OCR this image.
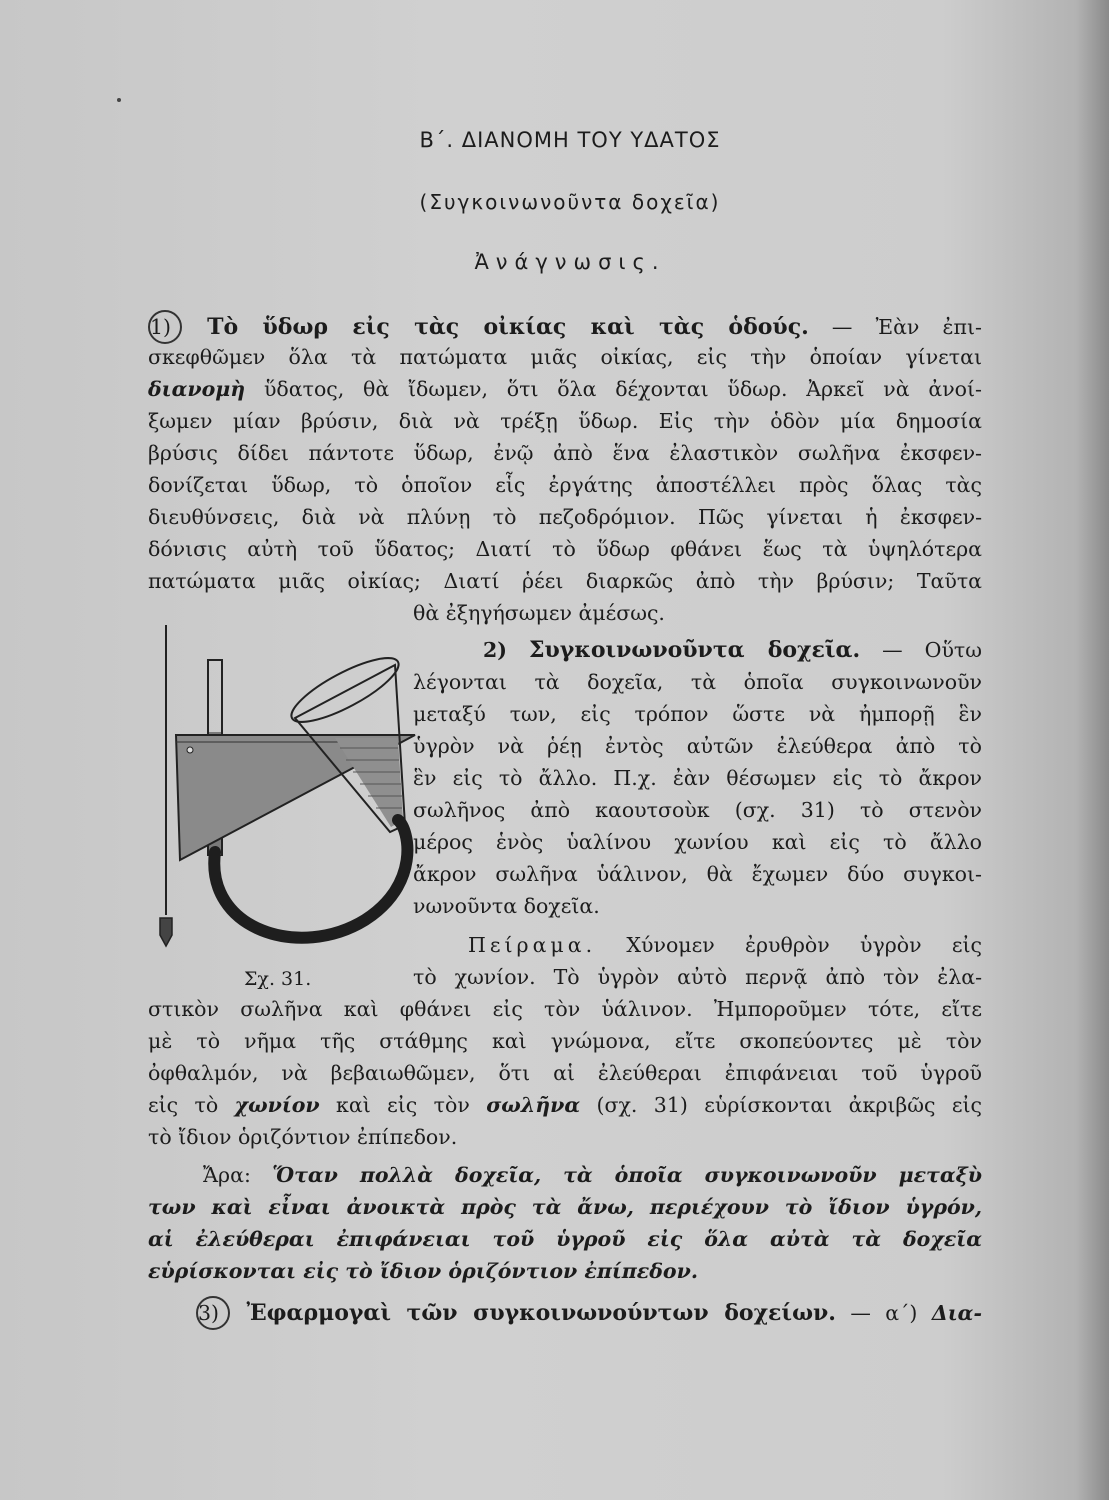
Β΄. ΔΙΑΝΟΜΗ ΤΟΥ ΥΔΑΤΟΣ
(Συγκοινωνοῦντα δοχεῖα)
Ἀνάγνωσις.
1) Τὸ ὕδωρ εἰς τὰς οἰκίας καὶ τὰς ὁδούς. — Ἐὰν ἐπι-
σκεφθῶμεν ὅλα τὰ πατώματα μιᾶς οἰκίας, εἰς τὴν ὁποίαν γίνεται
διανομὴ ὕδατος, θὰ ἴδωμεν, ὅτι ὅλα δέχονται ὕδωρ. Ἀρκεῖ νὰ ἀνοί-
ξωμεν μίαν βρύσιν, διὰ νὰ τρέξῃ ὕδωρ. Εἰς τὴν ὁδὸν μία δημοσία
βρύσις δίδει πάντοτε ὕδωρ, ἐνῷ ἀπὸ ἕνα ἐλαστικὸν σωλῆνα ἐκσφεν-
δονίζεται ὕδωρ, τὸ ὁποῖον εἷς ἐργάτης ἀποστέλλει πρὸς ὅλας τὰς
διευθύνσεις, διὰ νὰ πλύνῃ τὸ πεζοδρόμιον. Πῶς γίνεται ἡ ἐκσφεν-
δόνισις αὐτὴ τοῦ ὕδατος; Διατί τὸ ὕδωρ φθάνει ἕως τὰ ὑψηλότερα
πατώματα μιᾶς οἰκίας; Διατί ῥέει διαρκῶς ἀπὸ τὴν βρύσιν; Ταῦτα
θὰ ἐξηγήσωμεν ἀμέσως.
2) Συγκοινωνοῦντα δοχεῖα. — Οὕτω
λέγονται τὰ δοχεῖα, τὰ ὁποῖα συγκοινωνοῦν
μεταξύ των, εἰς τρόπον ὥστε νὰ ἠμπορῇ ἓν
ὑγρὸν νὰ ῥέῃ ἐντὸς αὐτῶν ἐλεύθερα ἀπὸ τὸ
ἓν εἰς τὸ ἄλλο. Π.χ. ἐὰν θέσωμεν εἰς τὸ ἄκρον
σωλῆνος ἀπὸ καουτσοὺκ (σχ. 31) τὸ στενὸν
μέρος ἑνὸς ὑαλίνου χωνίου καὶ εἰς τὸ ἄλλο
ἄκρον σωλῆνα ὑάλινον, θὰ ἔχωμεν δύο συγκοι-
νωνοῦντα δοχεῖα.
Πείραμα. Χύνομεν ἐρυθρὸν ὑγρὸν εἰς
τὸ χωνίον. Τὸ ὑγρὸν αὐτὸ περνᾷ ἀπὸ τὸν ἐλα-
στικὸν σωλῆνα καὶ φθάνει εἰς τὸν ὑάλινον. Ἠμποροῦμεν τότε, εἴτε
μὲ τὸ νῆμα τῆς στάθμης καὶ γνώμονα, εἴτε σκοπεύοντες μὲ τὸν
ὀφθαλμόν, νὰ βεβαιωθῶμεν, ὅτι αἱ ἐλεύθεραι ἐπιφάνειαι τοῦ ὑγροῦ
εἰς τὸ χωνίον καὶ εἰς τὸν σωλῆνα (σχ. 31) εὑρίσκονται ἀκριβῶς εἰς
τὸ ἴδιον ὁριζόντιον ἐπίπεδον.
Ἄρα: Ὅταν πολλὰ δοχεῖα, τὰ ὁποῖα συγκοινωνοῦν μεταξὺ
των καὶ εἶναι ἀνοικτὰ πρὸς τὰ ἄνω, περιέχουν τὸ ἴδιον ὑγρόν,
αἱ ἐλεύθεραι ἐπιφάνειαι τοῦ ὑγροῦ εἰς ὅλα αὐτὰ τὰ δοχεῖα
εὑρίσκονται εἰς τὸ ἴδιον ὁριζόντιον ἐπίπεδον.
3) Ἐφαρμογαὶ τῶν συγκοινωνούντων δοχείων. — α΄) Δια-
Σχ. 31.
